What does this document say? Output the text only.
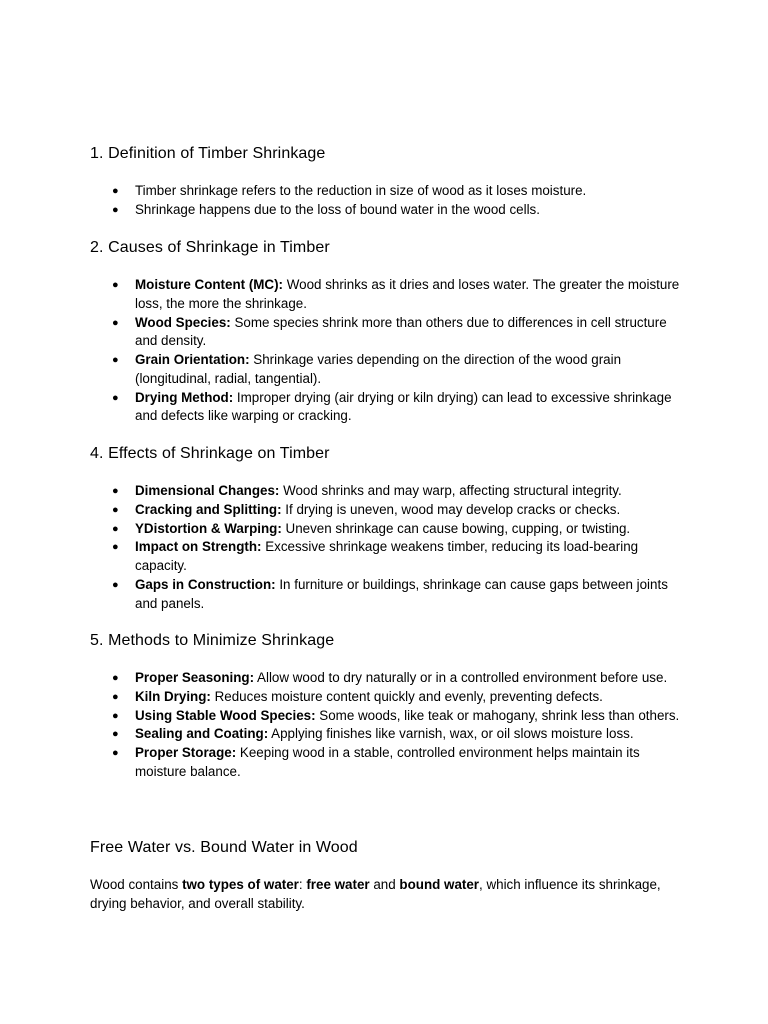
1. Definition of Timber Shrinkage
● Timber shrinkage refers to the reduction in size of wood as it loses moisture.
● Shrinkage happens due to the loss of bound water in the wood cells.
2. Causes of Shrinkage in Timber
● Moisture Content (MC): Wood shrinks as it dries and loses water. The greater the moisture loss, the more the shrinkage.
● Wood Species: Some species shrink more than others due to differences in cell structure and density.
● Grain Orientation: Shrinkage varies depending on the direction of the wood grain (longitudinal, radial, tangential).
● Drying Method: Improper drying (air drying or kiln drying) can lead to excessive shrinkage and defects like warping or cracking.
4. Effects of Shrinkage on Timber
● Dimensional Changes: Wood shrinks and may warp, affecting structural integrity.
● Cracking and Splitting: If drying is uneven, wood may develop cracks or checks.
● YDistortion & Warping: Uneven shrinkage can cause bowing, cupping, or twisting.
● Impact on Strength: Excessive shrinkage weakens timber, reducing its load-bearing capacity.
● Gaps in Construction: In furniture or buildings, shrinkage can cause gaps between joints and panels.
5. Methods to Minimize Shrinkage
● Proper Seasoning: Allow wood to dry naturally or in a controlled environment before use.
● Kiln Drying: Reduces moisture content quickly and evenly, preventing defects.
● Using Stable Wood Species: Some woods, like teak or mahogany, shrink less than others.
● Sealing and Coating: Applying finishes like varnish, wax, or oil slows moisture loss.
● Proper Storage: Keeping wood in a stable, controlled environment helps maintain its moisture balance.
Free Water vs. Bound Water in Wood

Wood contains two types of water: free water and bound water, which influence its shrinkage, drying behavior, and overall stability.
